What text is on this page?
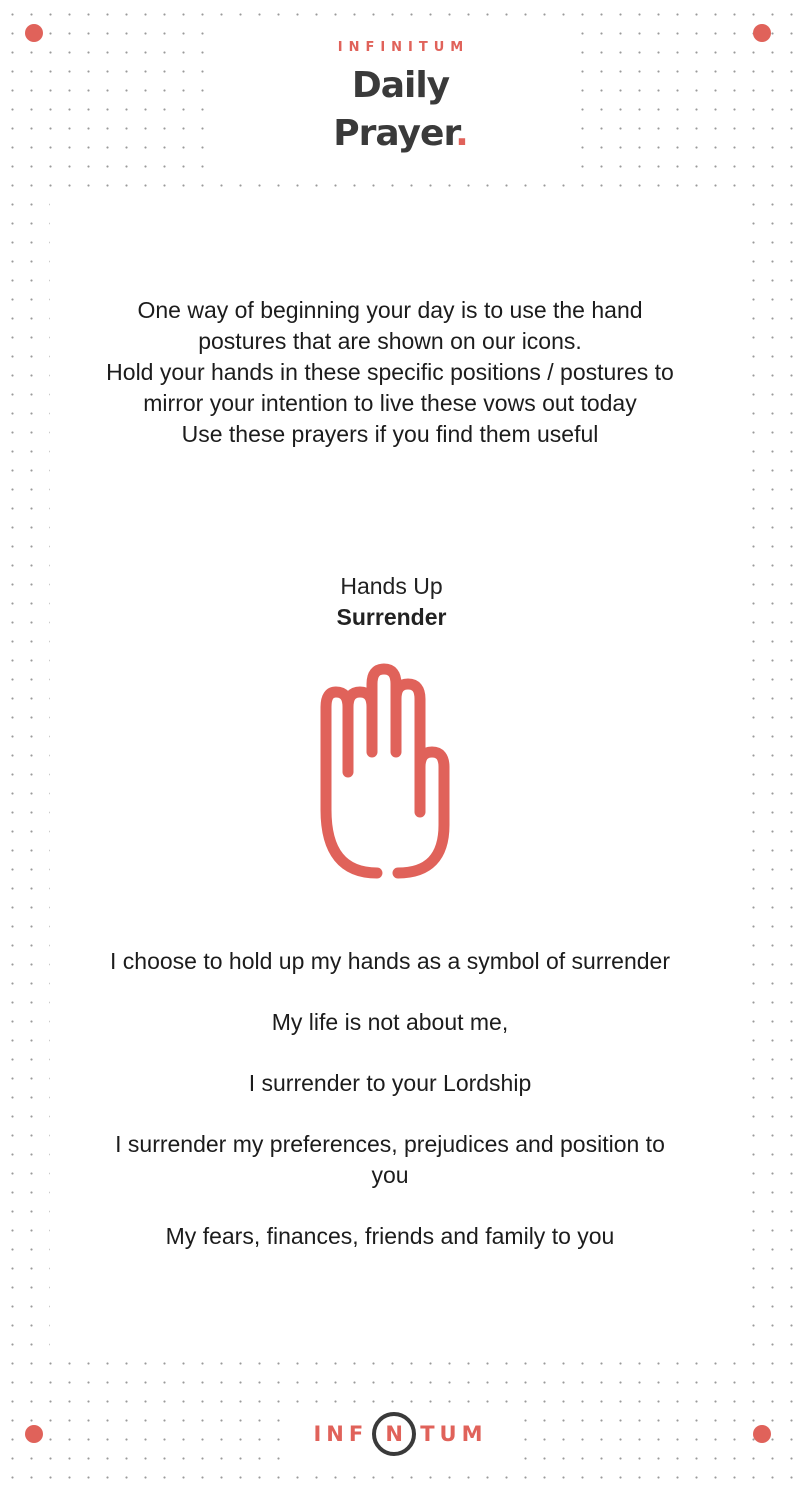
INFINITUM
Daily
Prayer.
One way of beginning your day is to use the hand postures that are shown on our icons.
Hold your hands in these specific positions / postures to mirror your intention to live these vows out today
Use these prayers if you find them useful
Hands Up
Surrender

I choose to hold up my hands as a symbol of surrender

My life is not about me,

I surrender to your Lordship

I surrender my preferences, prejudices and position to you

My fears, finances, friends and family to you

INF N TUM
